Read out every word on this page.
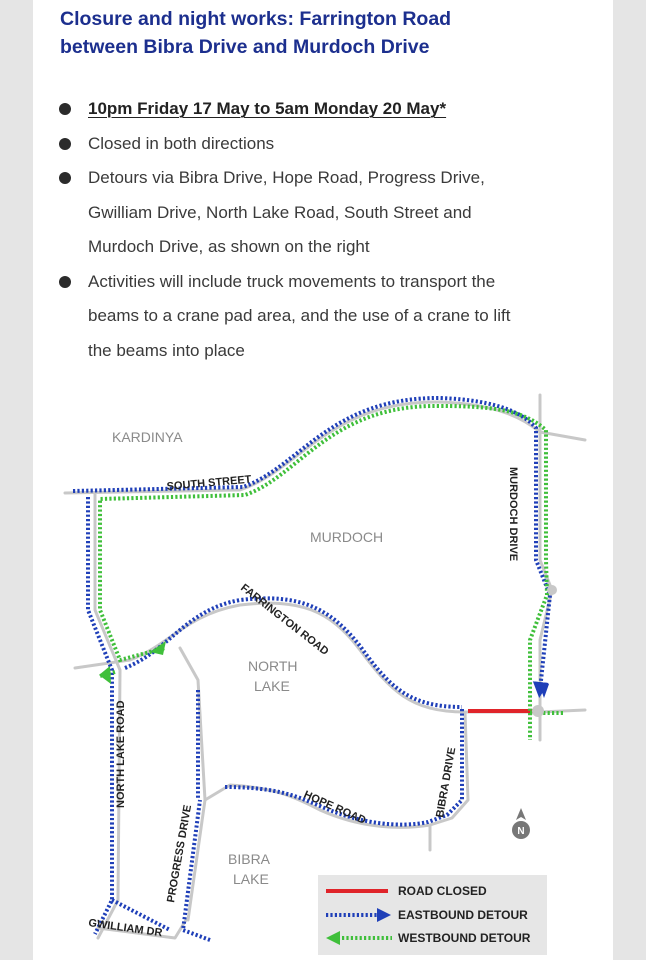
Closure and night works: Farrington Road
between Bibra Drive and Murdoch Drive
10pm Friday 17 May to 5am Monday 20 May*
Closed in both directions
Detours via Bibra Drive, Hope Road, Progress Drive,
Gwilliam Drive, North Lake Road, South Street and
Murdoch Drive, as shown on the right
Activities will include truck movements to transport the
beams to a crane pad area, and the use of a crane to lift
the beams into place
KARDINYA
MURDOCH
NORTH
LAKE
BIBRA
LAKE
SOUTH STREET
FARRINGTON ROAD
MURDOCH DRIVE
NORTH LAKE ROAD
PROGRESS DRIVE	HOPE ROAD	BIBRA DRIVE
GWILLIAM DR
N
ROAD CLOSED
EASTBOUND DETOUR
WESTBOUND DETOUR
